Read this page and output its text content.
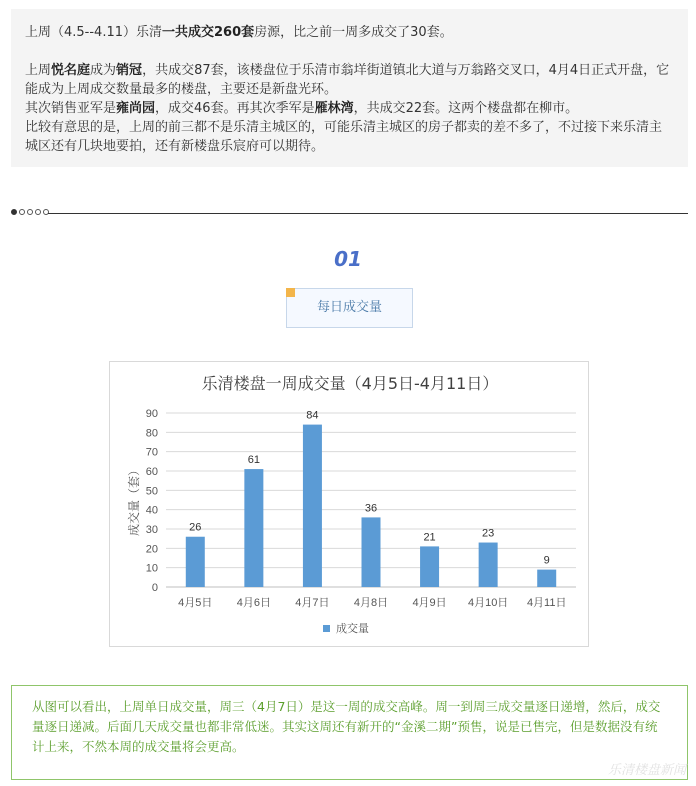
上周（4.5--4.11）乐清一共成交260套房源，比之前一周多成交了30套。

上周悦名庭成为销冠，共成交87套，该楼盘位于乐清市翁垟街道镇北大道与万翁路交叉口，4月4日正式开盘，它能成为上周成交数量最多的楼盘，主要还是新盘光环。

其次销售亚军是雍尚园，成交46套。再其次季军是雁林湾，共成交22套。这两个楼盘都在柳市。

比较有意思的是，上周的前三都不是乐清主城区的，可能乐清主城区的房子都卖的差不多了，不过接下来乐清主城区还有几块地要拍，还有新楼盘乐宸府可以期待。

01
每日成交量
乐清楼盘一周成交量（4月5日-4月11日）
0
10
20
30
40
50
60
70
80
90
成交量（套）	26
4月5日
61
4月6日
84
4月7日
36
4月8日
21
4月9日
23
4月10日
9
4月11日
成交量
从图可以看出，上周单日成交量，周三（4月7日）是这一周的成交高峰。周一到周三成交量逐日递增，然后，成交量逐日递减。后面几天成交量也都非常低迷。其实这周还有新开的“金溪二期”预售，说是已售完，但是数据没有统计上来，不然本周的成交量将会更高。
乐清楼盘新闻
